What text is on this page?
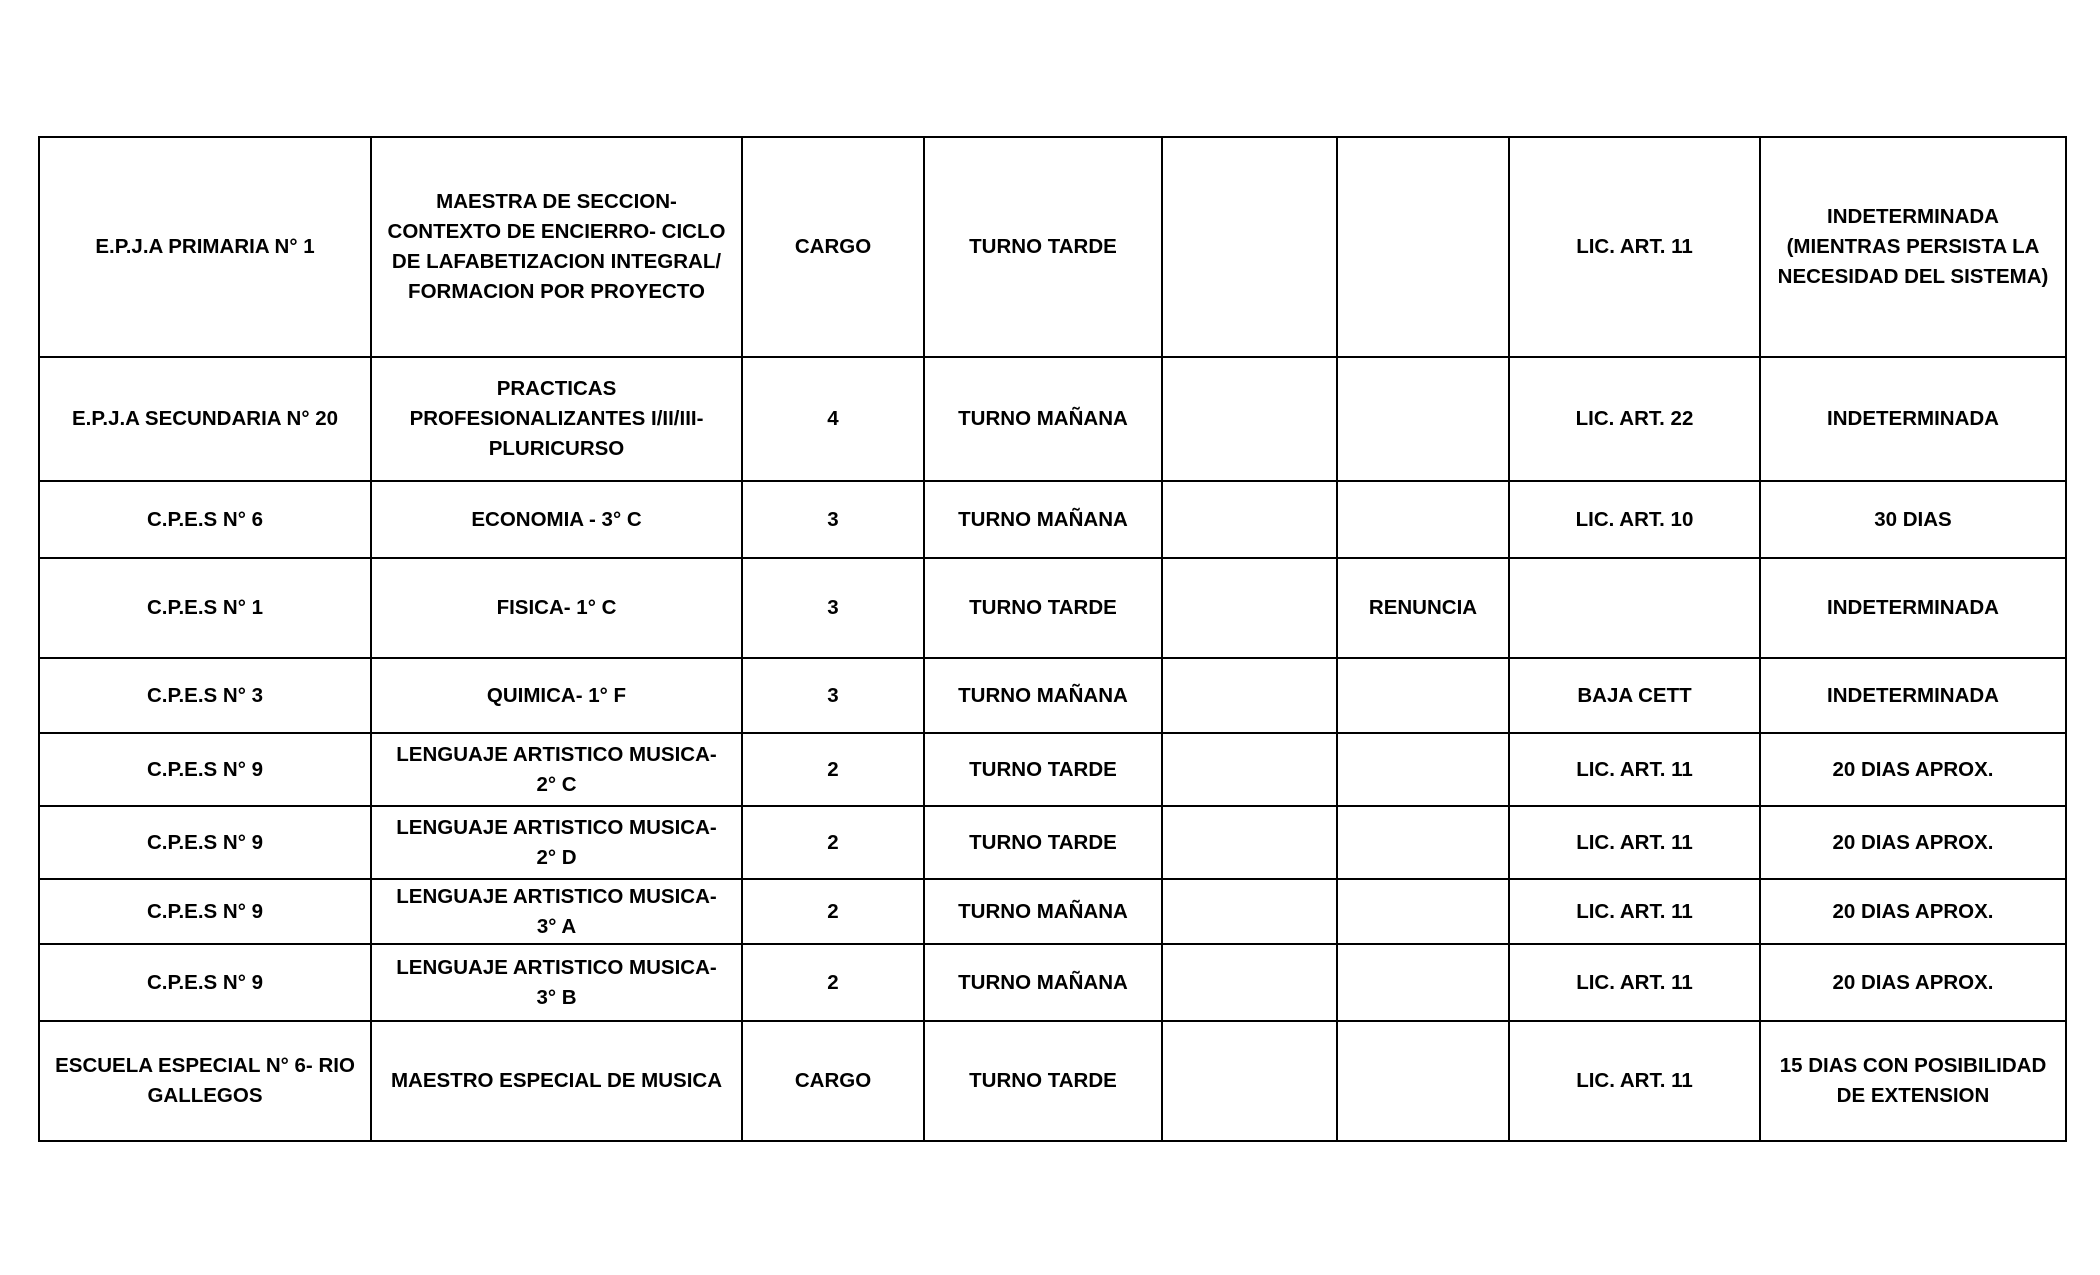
E.P.J.A PRIMARIA N° 1	MAESTRA DE SECCION- CONTEXTO DE ENCIERRO- CICLO DE LAFABETIZACION INTEGRAL/ FORMACION POR PROYECTO	CARGO	TURNO TARDE			LIC. ART. 11	INDETERMINADA (MIENTRAS PERSISTA LA NECESIDAD DEL SISTEMA)
E.P.J.A SECUNDARIA N° 20	PRACTICAS PROFESIONALIZANTES I/II/III- PLURICURSO	4	TURNO MAÑANA			LIC. ART. 22	INDETERMINADA
C.P.E.S N° 6	ECONOMIA - 3° C	3	TURNO MAÑANA			LIC. ART. 10	30 DIAS
C.P.E.S N° 1	FISICA- 1° C	3	TURNO TARDE		RENUNCIA		INDETERMINADA
C.P.E.S N° 3	QUIMICA- 1° F	3	TURNO MAÑANA			BAJA CETT	INDETERMINADA
C.P.E.S N° 9	LENGUAJE ARTISTICO MUSICA- 2° C	2	TURNO TARDE			LIC. ART. 11	20 DIAS APROX.
C.P.E.S N° 9	LENGUAJE ARTISTICO MUSICA- 2° D	2	TURNO TARDE			LIC. ART. 11	20 DIAS APROX.
C.P.E.S N° 9	LENGUAJE ARTISTICO MUSICA- 3° A	2	TURNO MAÑANA			LIC. ART. 11	20 DIAS APROX.
C.P.E.S N° 9	LENGUAJE ARTISTICO MUSICA- 3° B	2	TURNO MAÑANA			LIC. ART. 11	20 DIAS APROX.
ESCUELA ESPECIAL N° 6- RIO GALLEGOS	MAESTRO ESPECIAL DE MUSICA	CARGO	TURNO TARDE			LIC. ART. 11	15 DIAS CON POSIBILIDAD DE EXTENSION
